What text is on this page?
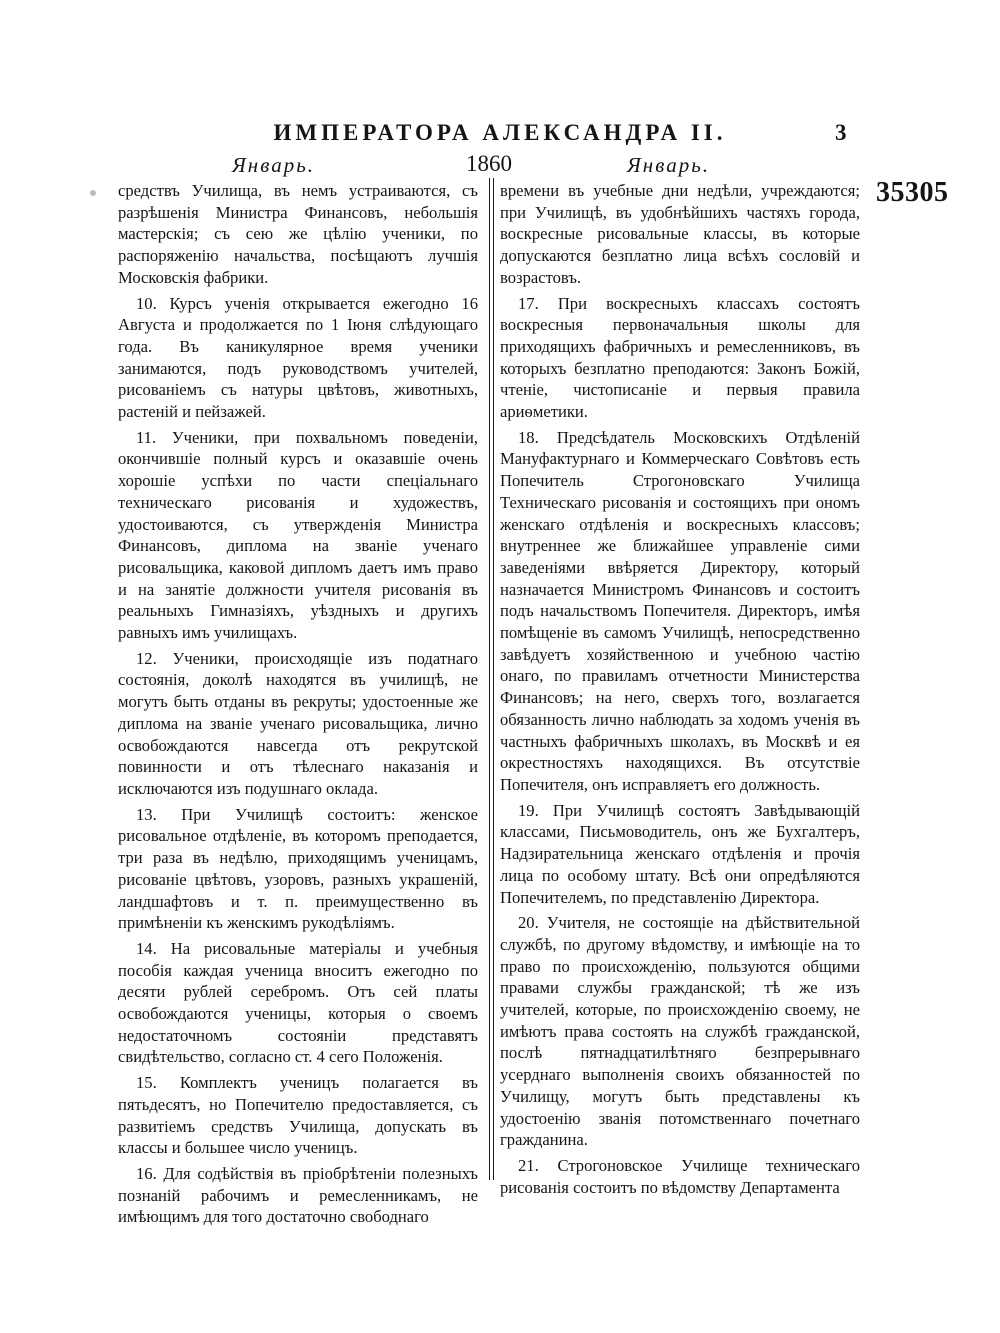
ИМПЕРАТОРА АЛЕКСАНДРА II.	3
Январь.	1860	Январь.
35305

средствъ Училища, въ немъ устраиваются, съ разрѣшенія Министра Финансовъ, небольшія мастерскія; съ сею же цѣлію ученики, по распоряженію начальства, посѣщаютъ лучшія Московскія фабрики.

10. Курсъ ученія открывается ежегодно 16 Августа и продолжается по 1 Іюня слѣдующаго года. Въ каникулярное время ученики занимаются, подъ руководствомъ учителей, рисованіемъ съ натуры цвѣтовъ, животныхъ, растеній и пейзажей.

11. Ученики, при похвальномъ поведеніи, окончившіе полный курсъ и оказавшіе очень хорошіе успѣхи по части спеціальнаго техническаго рисованія и художествъ, удостоиваются, съ утвержденія Министра Финансовъ, диплома на званіе ученаго рисовальщика, каковой дипломъ даетъ имъ право и на занятіе должности учителя рисованія въ реальныхъ Гимназіяхъ, уѣздныхъ и другихъ равныхъ имъ училищахъ.

12. Ученики, происходящіе изъ податнаго состоянія, доколѣ находятся въ училищѣ, не могутъ быть отданы въ рекруты; удостоенные же диплома на званіе ученаго рисовальщика, лично освобождаются навсегда отъ рекрутской повинности и отъ тѣлеснаго наказанія и исключаются изъ подушнаго оклада.

13. При Училищѣ состоитъ: женское рисовальное отдѣленіе, въ которомъ преподается, три раза въ недѣлю, приходящимъ ученицамъ, рисованіе цвѣтовъ, узоровъ, разныхъ украшеній, ландшафтовъ и т. п. преимущественно въ примѣненіи къ женскимъ рукодѣліямъ.

14. На рисовальные матеріалы и учебныя пособія каждая ученица вноситъ ежегодно по десяти рублей серебромъ. Отъ сей платы освобождаются ученицы, которыя о своемъ недостаточномъ состояніи представятъ свидѣтельство, согласно ст. 4 сего Положенія.

15. Комплектъ ученицъ полагается въ пятьдесятъ, но Попечителю предоставляется, съ развитіемъ средствъ Училища, допускать въ классы и большее число ученицъ.

16. Для содѣйствія въ пріобрѣтеніи полезныхъ познаній рабочимъ и ремесленникамъ, не имѣющимъ для того достаточно свободнаго

времени въ учебные дни недѣли, учреждаются; при Училищѣ, въ удобнѣйшихъ частяхъ города, воскресные рисовальные классы, въ которые допускаются безплатно лица всѣхъ сословій и возрастовъ.

17. При воскресныхъ классахъ состоятъ воскресныя первоначальныя школы для приходящихъ фабричныхъ и ремесленниковъ, въ которыхъ безплатно преподаются: Законъ Божій, чтеніе, чистописаніе и первыя правила ариѳметики.

18. Предсѣдатель Московскихъ Отдѣленій Мануфактурнаго и Коммерческаго Совѣтовъ есть Попечитель Строгоновскаго Училища Техническаго рисованія и состоящихъ при ономъ женскаго отдѣленія и воскресныхъ классовъ; внутреннее же ближайшее управленіе сими заведеніями ввѣряется Директору, который назначается Министромъ Финансовъ и состоитъ подъ начальствомъ Попечителя. Директоръ, имѣя помѣщеніе въ самомъ Училищѣ, непосредственно завѣдуетъ хозяйственною и учебною частію онаго, по правиламъ отчетности Министерства Финансовъ; на него, сверхъ того, возлагается обязанность лично наблюдать за ходомъ ученія въ частныхъ фабричныхъ школахъ, въ Москвѣ и ея окрестностяхъ находящихся. Въ отсутствіе Попечителя, онъ исправляетъ его должность.

19. При Училищѣ состоятъ Завѣдывающій классами, Письмоводитель, онъ же Бухгалтеръ, Надзирательница женскаго отдѣленія и прочія лица по особому штату. Всѣ они опредѣляются Попечителемъ, по представленію Директора.

20. Учителя, не состоящіе на дѣйствительной службѣ, по другому вѣдомству, и имѣющіе на то право по происхожденію, пользуются общими правами службы гражданской; тѣ же изъ учителей, которые, по происхожденію своему, не имѣютъ права состоять на службѣ гражданской, послѣ пятнадцатилѣтняго безпрерывнаго усерднаго выполненія своихъ обязанностей по Училищу, могутъ быть представлены къ удостоенію званія потомственнаго почетнаго гражданина.

21. Строгоновское Училище техническаго рисованія состоитъ по вѣдомству Департамента
